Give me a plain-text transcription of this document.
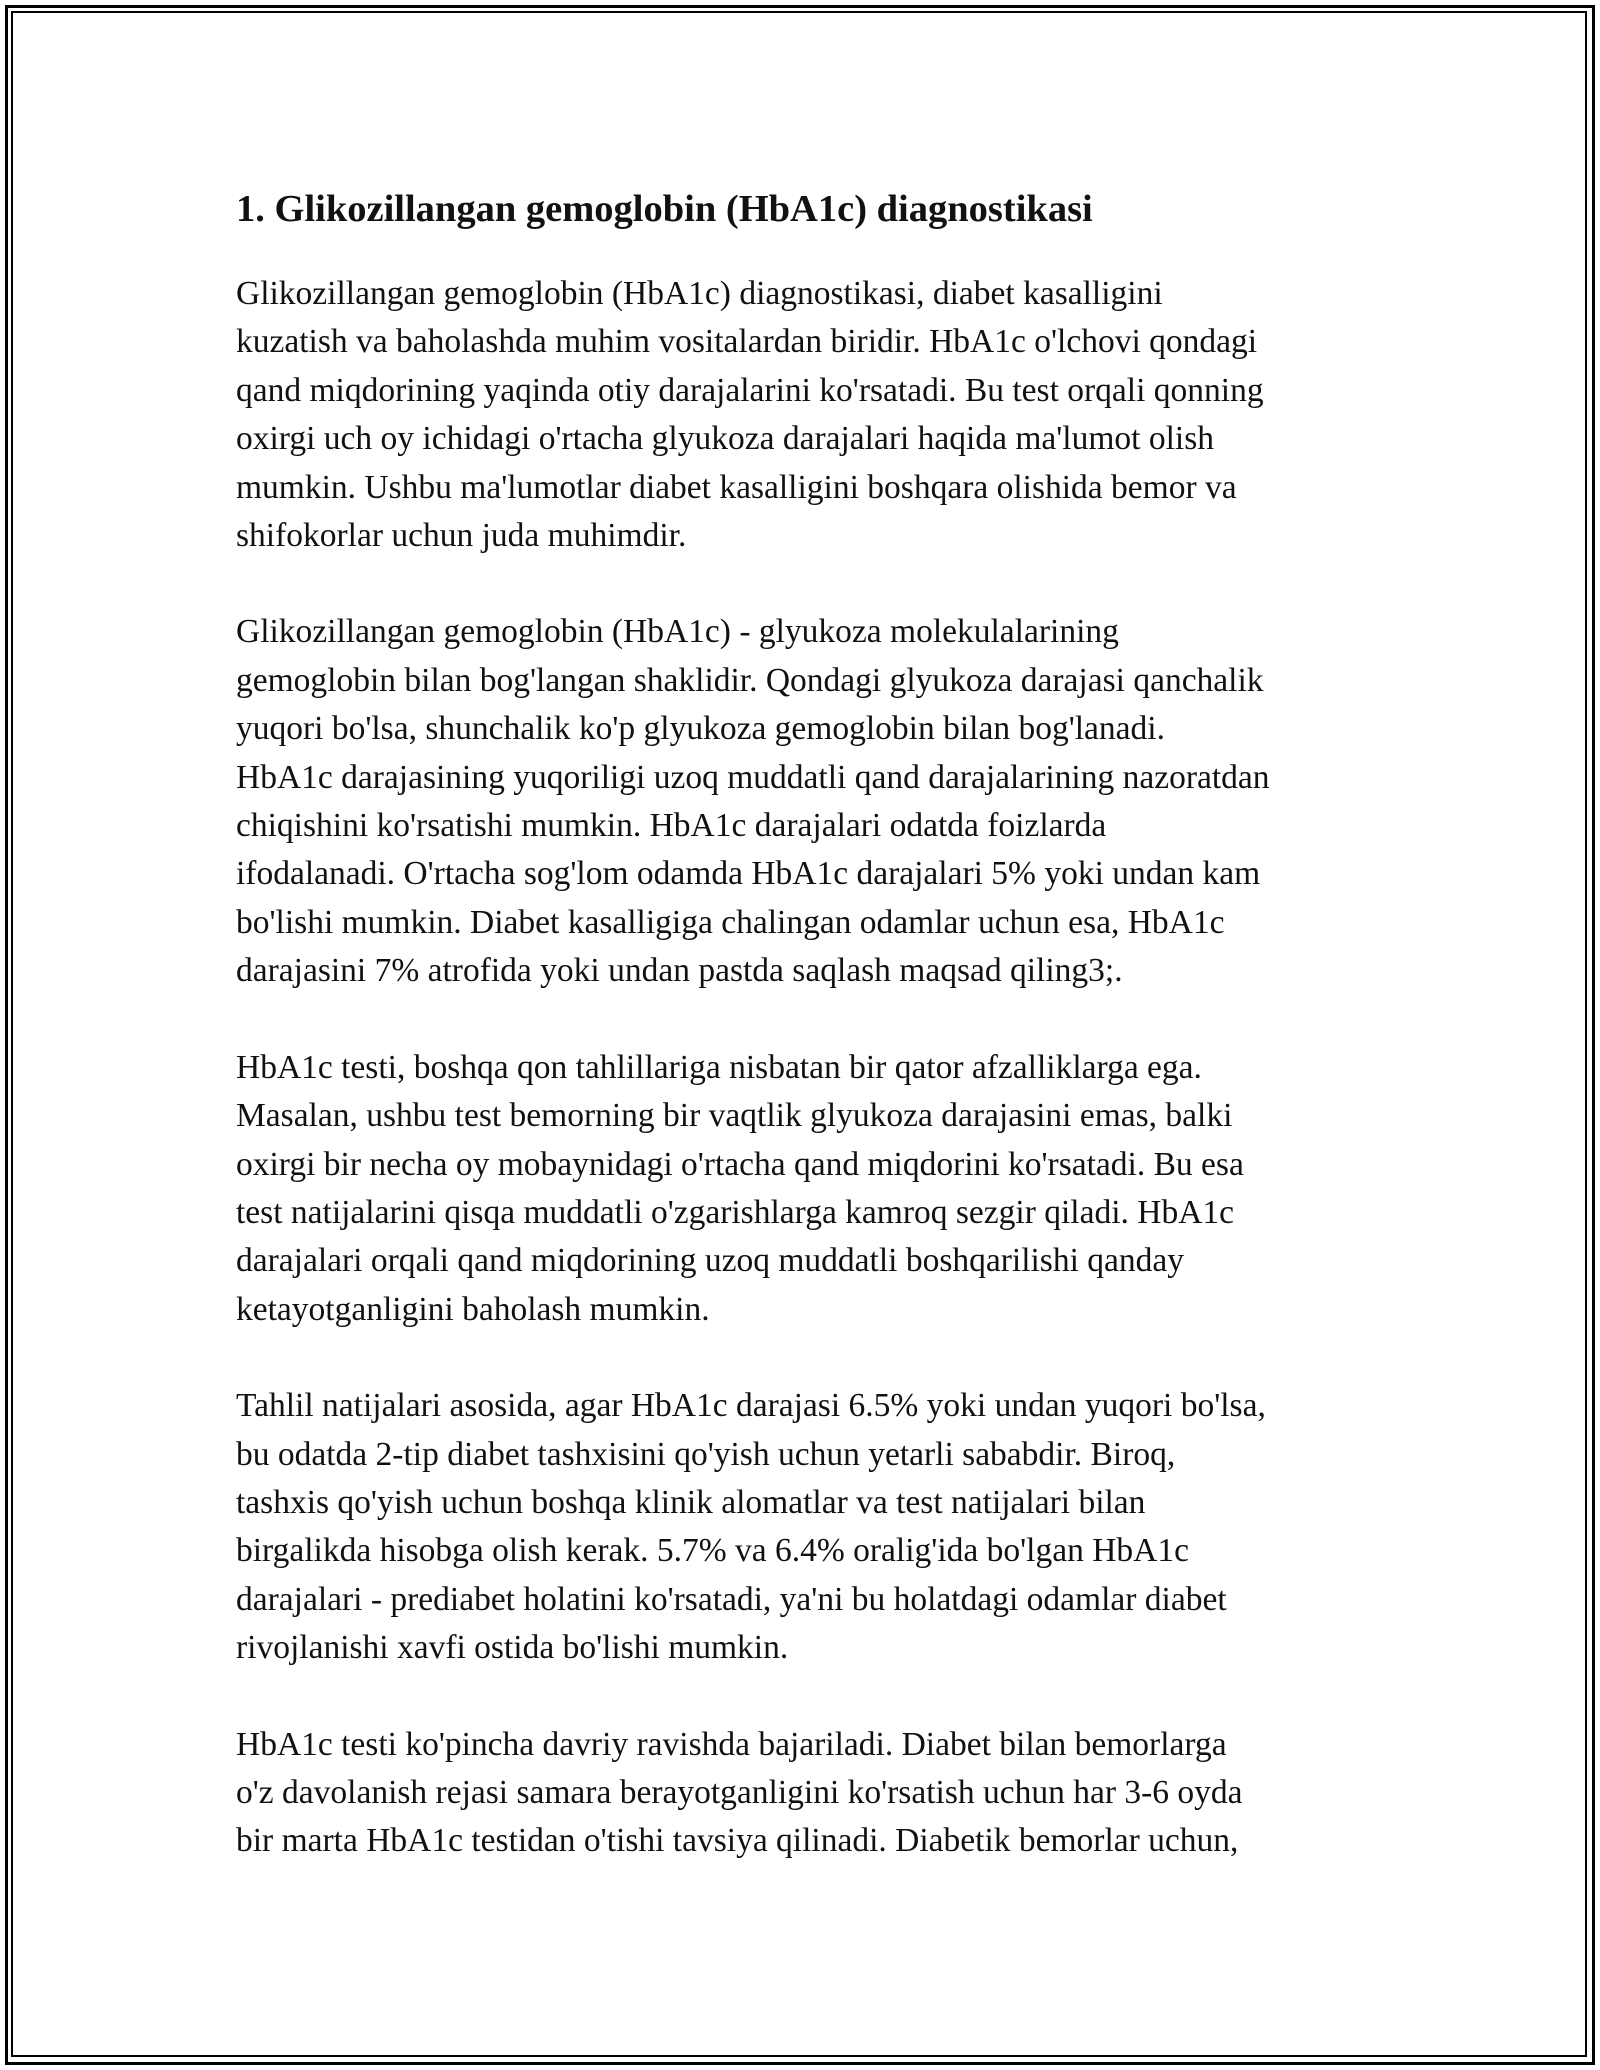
1. Glikozillangan gemoglobin (HbA1c) diagnostikasi

Glikozillangan gemoglobin (HbA1c) diagnostikasi, diabet kasalligini
kuzatish va baholashda muhim vositalardan biridir. HbA1c o'lchovi qondagi
qand miqdorining yaqinda otiy darajalarini ko'rsatadi. Bu test orqali qonning
oxirgi uch oy ichidagi o'rtacha glyukoza darajalari haqida ma'lumot olish
mumkin. Ushbu ma'lumotlar diabet kasalligini boshqara olishida bemor va
shifokorlar uchun juda muhimdir.

Glikozillangan gemoglobin (HbA1c) - glyukoza molekulalarining
gemoglobin bilan bog'langan shaklidir. Qondagi glyukoza darajasi qanchalik
yuqori bo'lsa, shunchalik ko'p glyukoza gemoglobin bilan bog'lanadi.
HbA1c darajasining yuqoriligi uzoq muddatli qand darajalarining nazoratdan
chiqishini ko'rsatishi mumkin. HbA1c darajalari odatda foizlarda
ifodalanadi. O'rtacha sog'lom odamda HbA1c darajalari 5% yoki undan kam
bo'lishi mumkin. Diabet kasalligiga chalingan odamlar uchun esa, HbA1c
darajasini 7% atrofida yoki undan pastda saqlash maqsad qiling3;.

HbA1c testi, boshqa qon tahlillariga nisbatan bir qator afzalliklarga ega.
Masalan, ushbu test bemorning bir vaqtlik glyukoza darajasini emas, balki
oxirgi bir necha oy mobaynidagi o'rtacha qand miqdorini ko'rsatadi. Bu esa
test natijalarini qisqa muddatli o'zgarishlarga kamroq sezgir qiladi. HbA1c
darajalari orqali qand miqdorining uzoq muddatli boshqarilishi qanday
ketayotganligini baholash mumkin.

Tahlil natijalari asosida, agar HbA1c darajasi 6.5% yoki undan yuqori bo'lsa,
bu odatda 2-tip diabet tashxisini qo'yish uchun yetarli sababdir. Biroq,
tashxis qo'yish uchun boshqa klinik alomatlar va test natijalari bilan
birgalikda hisobga olish kerak. 5.7% va 6.4% oralig'ida bo'lgan HbA1c
darajalari - prediabet holatini ko'rsatadi, ya'ni bu holatdagi odamlar diabet
rivojlanishi xavfi ostida bo'lishi mumkin.

HbA1c testi ko'pincha davriy ravishda bajariladi. Diabet bilan bemorlarga
o'z davolanish rejasi samara berayotganligini ko'rsatish uchun har 3-6 oyda
bir marta HbA1c testidan o'tishi tavsiya qilinadi. Diabetik bemorlar uchun,
